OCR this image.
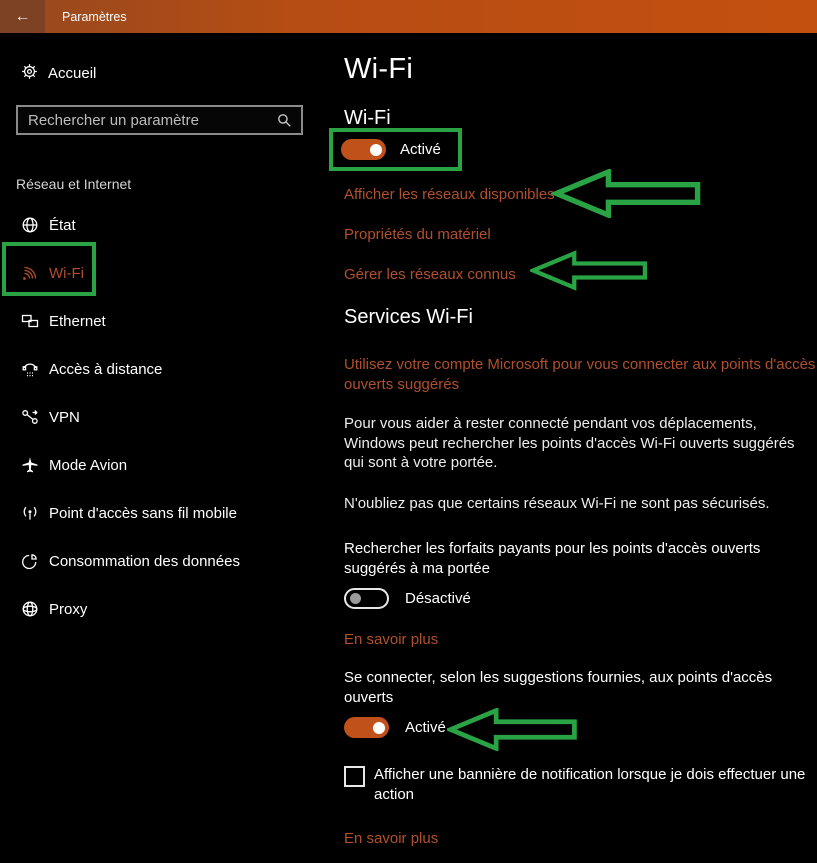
←	Paramètres
Accueil
Rechercher un paramètre
Réseau et Internet
État
Wi-Fi
Ethernet
Accès à distance
VPN
Mode Avion
Point d'accès sans fil mobile
Consommation des données
Proxy
Wi-Fi
Wi-Fi
Activé
Afficher les réseaux disponibles
Propriétés du matériel
Gérer les réseaux connus
Services Wi-Fi
Utilisez votre compte Microsoft pour vous connecter aux points d'accès ouverts suggérés
Pour vous aider à rester connecté pendant vos déplacements, Windows peut rechercher les points d'accès Wi-Fi ouverts suggérés qui sont à votre portée.
N'oubliez pas que certains réseaux Wi-Fi ne sont pas sécurisés.
Rechercher les forfaits payants pour les points d'accès ouverts suggérés à ma portée
Désactivé
En savoir plus
Se connecter, selon les suggestions fournies, aux points d'accès ouverts
Activé
Afficher une bannière de notification lorsque je dois effectuer une action
En savoir plus
